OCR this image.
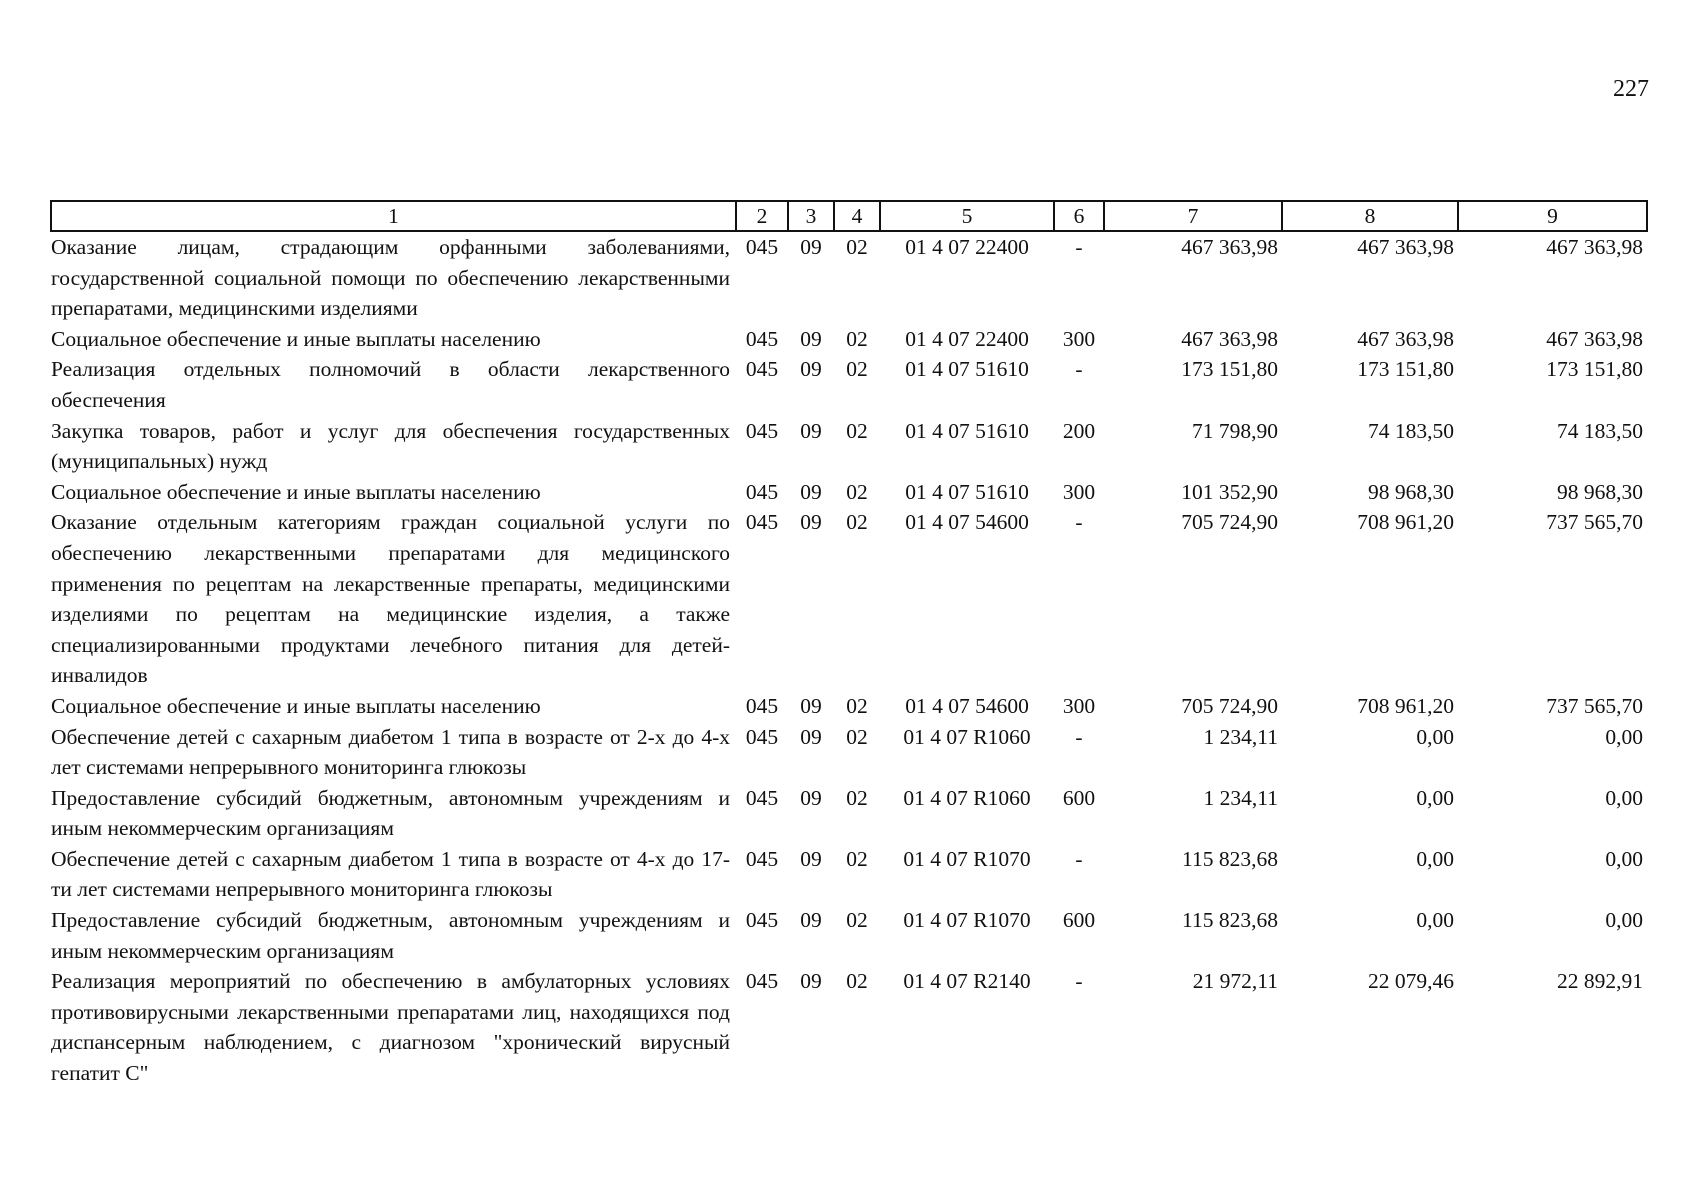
227
1	2	3	4	5	6	7	8	9
Оказание лицам, страдающим орфанными заболеваниями, государственной социальной помощи по обеспечению лекарственными препаратами, медицинскими изделиями	045	09	02	01 4 07 22400	-	467 363,98	467 363,98	467 363,98
Социальное обеспечение и иные выплаты населению	045	09	02	01 4 07 22400	300	467 363,98	467 363,98	467 363,98
Реализация отдельных полномочий в области лекарственного обеспечения	045	09	02	01 4 07 51610	-	173 151,80	173 151,80	173 151,80
Закупка товаров, работ и услуг для обеспечения государственных (муниципальных) нужд	045	09	02	01 4 07 51610	200	71 798,90	74 183,50	74 183,50
Социальное обеспечение и иные выплаты населению	045	09	02	01 4 07 51610	300	101 352,90	98 968,30	98 968,30
Оказание отдельным категориям граждан социальной услуги по обеспечению лекарственными препаратами для медицинского применения по рецептам на лекарственные препараты, медицинскими изделиями по рецептам на медицинские изделия, а также специализированными продуктами лечебного питания для детей-инвалидов	045	09	02	01 4 07 54600	-	705 724,90	708 961,20	737 565,70
Социальное обеспечение и иные выплаты населению	045	09	02	01 4 07 54600	300	705 724,90	708 961,20	737 565,70
Обеспечение детей с сахарным диабетом 1 типа в возрасте от 2-х до 4-х лет системами непрерывного мониторинга глюкозы	045	09	02	01 4 07 R1060	-	1 234,11	0,00	0,00
Предоставление субсидий бюджетным, автономным учреждениям и иным некоммерческим организациям	045	09	02	01 4 07 R1060	600	1 234,11	0,00	0,00
Обеспечение детей с сахарным диабетом 1 типа в возрасте от 4-х до 17-ти лет системами непрерывного мониторинга глюкозы	045	09	02	01 4 07 R1070	-	115 823,68	0,00	0,00
Предоставление субсидий бюджетным, автономным учреждениям и иным некоммерческим организациям	045	09	02	01 4 07 R1070	600	115 823,68	0,00	0,00
Реализация мероприятий по обеспечению в амбулаторных условиях противовирусными лекарственными препаратами лиц, находящихся под диспансерным наблюдением, с диагнозом "хронический вирусный гепатит С"	045	09	02	01 4 07 R2140	-	21 972,11	22 079,46	22 892,91
